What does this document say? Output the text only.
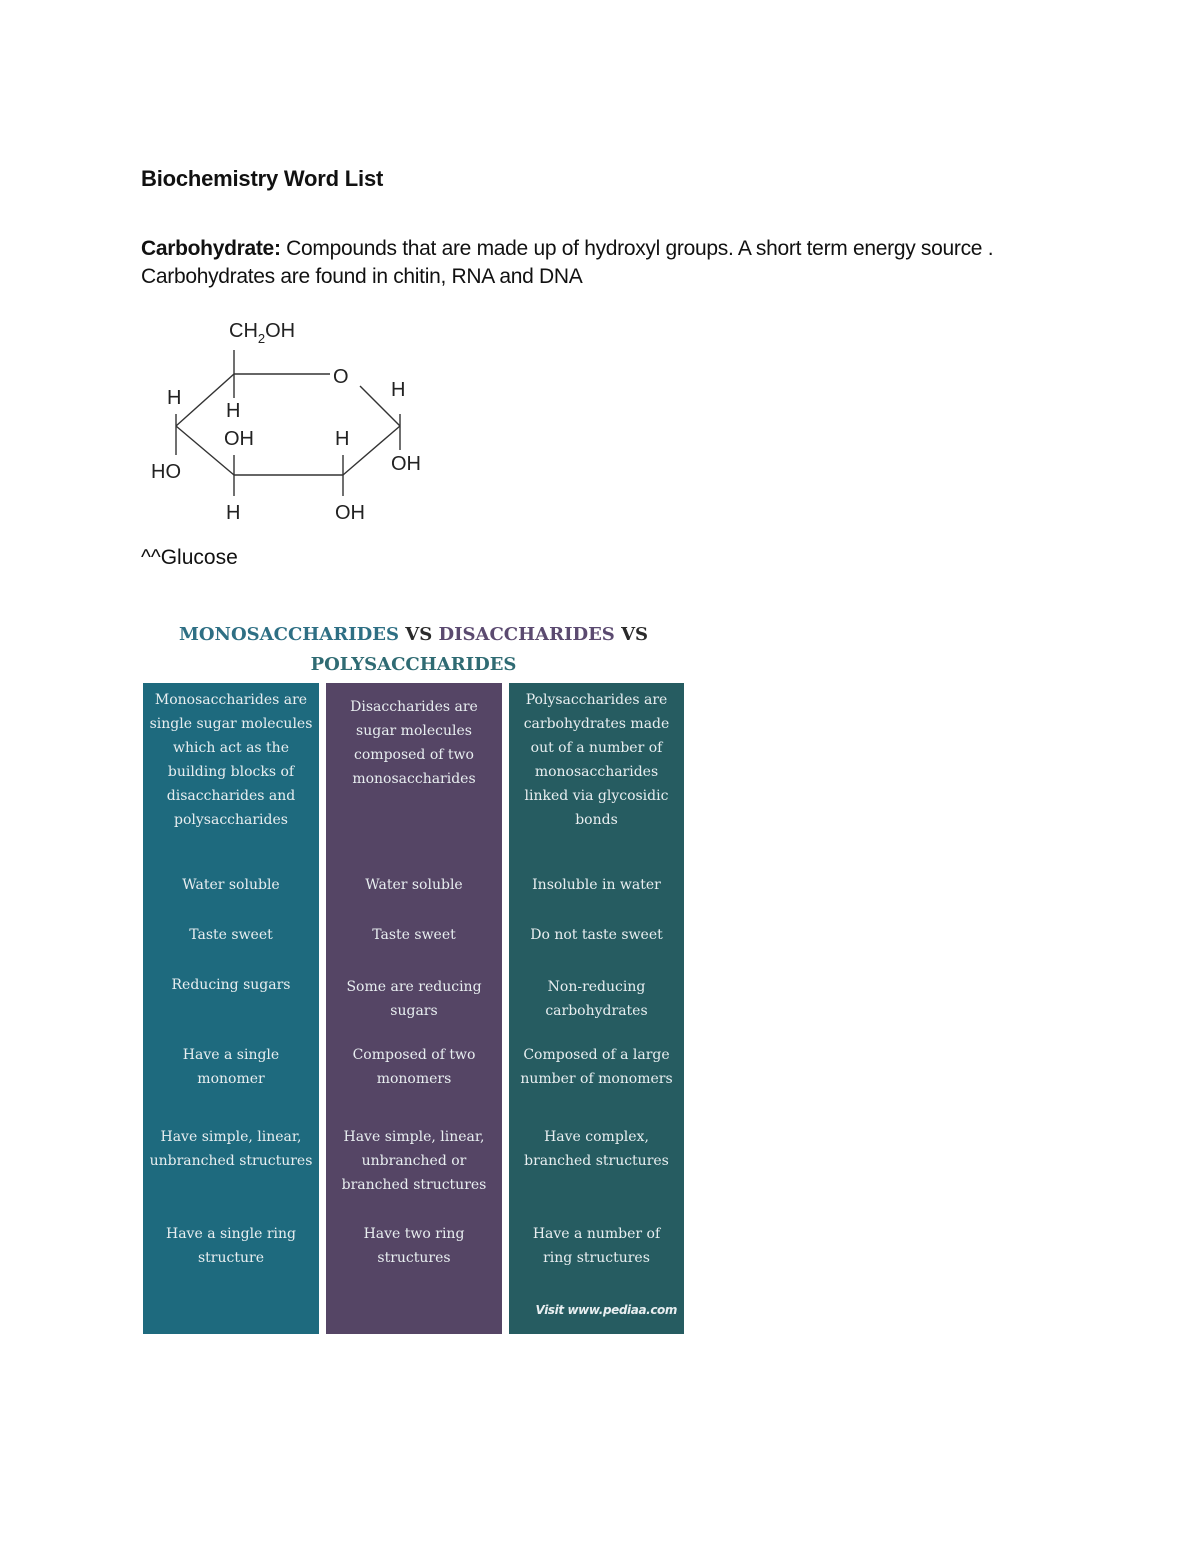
Biochemistry Word List

Carbohydrate: Compounds that are made up of hydroxyl groups. A short term energy source . Carbohydrates are found in chitin, RNA and DNA

$CH_2OH$
O
H
OH
H
OH
OH
H
H
HO
H
^^Glucose
MONOSACCHARIDES VS DISACCHARIDES VS
POLYSACCHARIDES
Monosaccharides are
single sugar molecules
which act as the
building blocks of
disaccharides and
polysaccharides
Water soluble
Taste sweet
Reducing sugars
Have a single
monomer
Have simple, linear,
unbranched structures
Have a single ring
structure
Disaccharides are
sugar molecules
composed of two
monosaccharides
Water soluble
Taste sweet
Some are reducing
sugars
Composed of two
monomers
Have simple, linear,
unbranched or
branched structures
Have two ring
structures
Polysaccharides are
carbohydrates made
out of a number of
monosaccharides
linked via glycosidic
bonds
Insoluble in water
Do not taste sweet
Non-reducing
carbohydrates
Composed of a large
number of monomers
Have complex,
branched structures
Have a number of
ring structures
Visit www.pediaa.com
